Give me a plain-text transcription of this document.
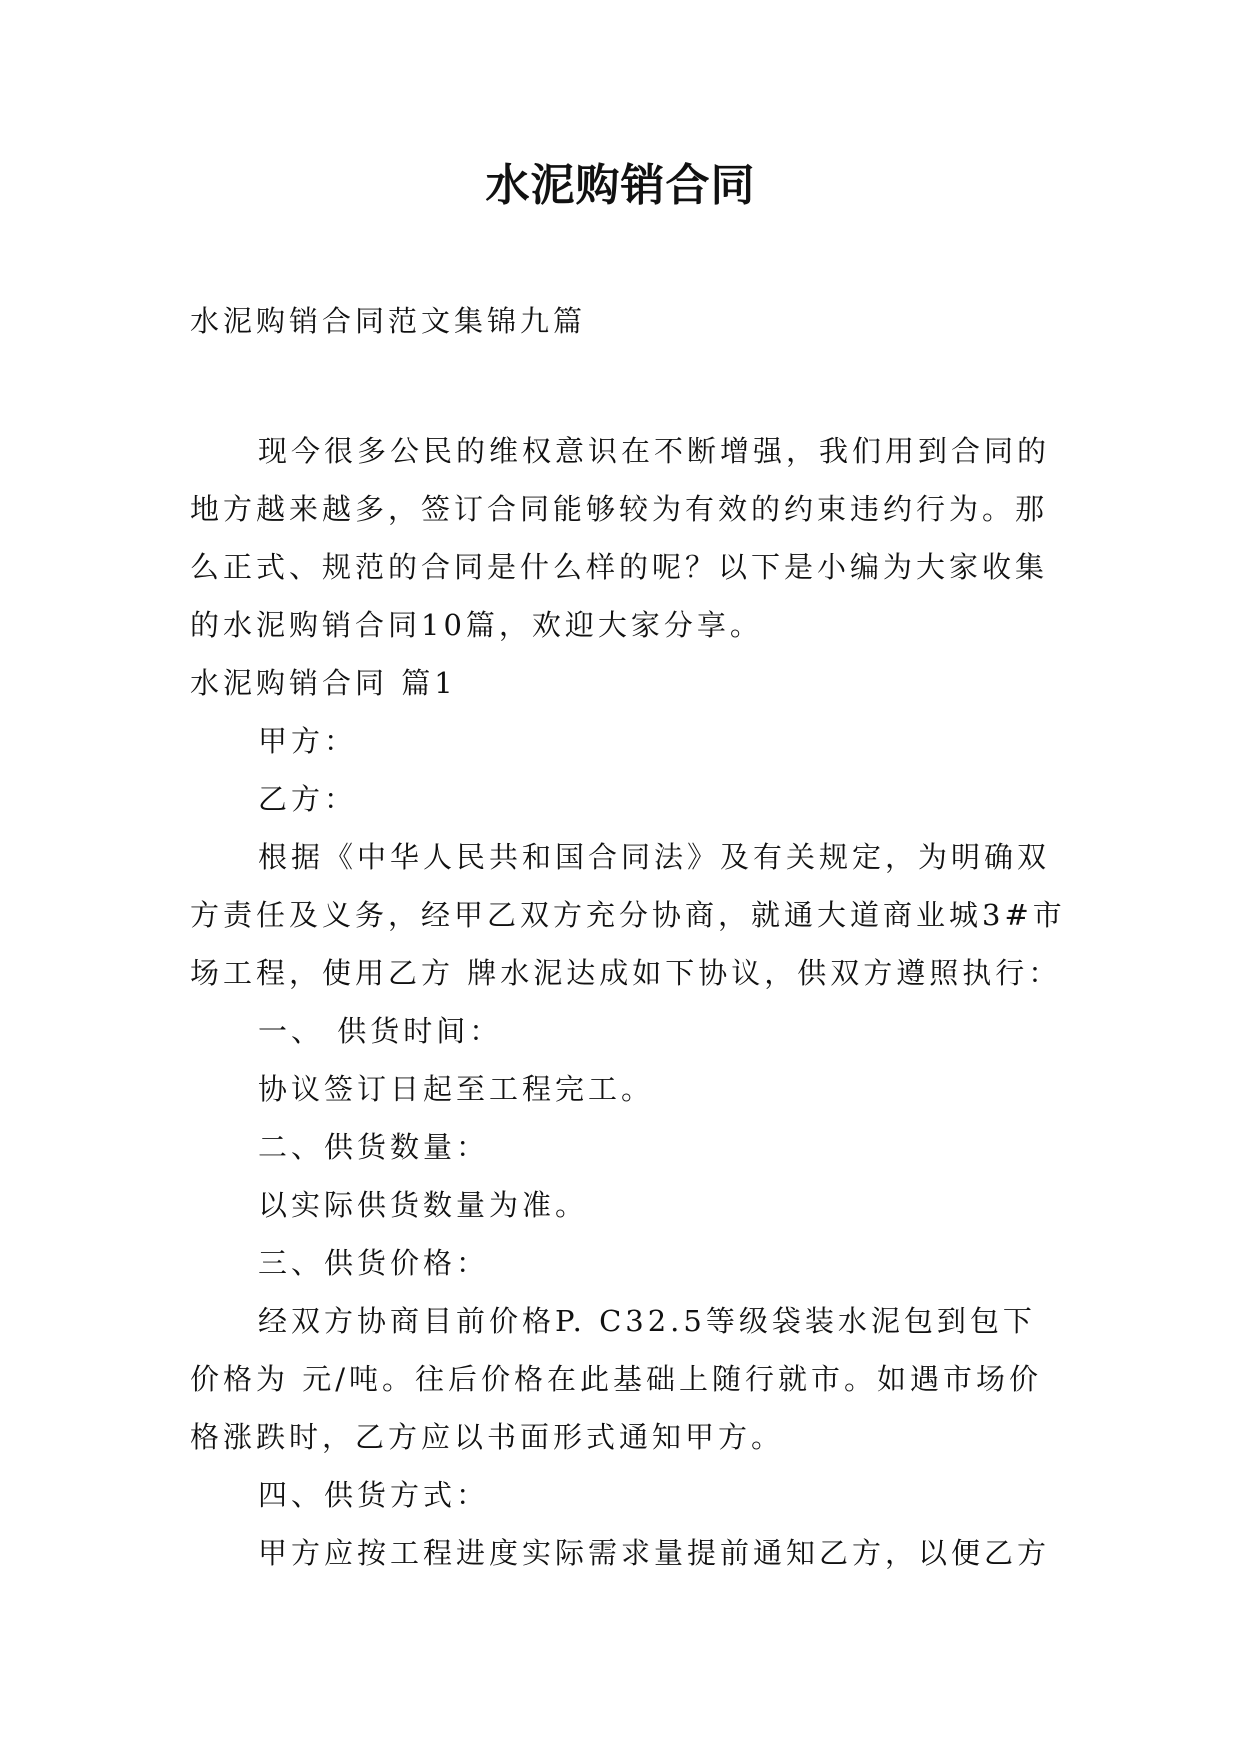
水泥购销合同
水泥购销合同范文集锦九篇
现今很多公民的维权意识在不断增强，我们用到合同的
地方越来越多，签订合同能够较为有效的约束违约行为。那
么正式、规范的合同是什么样的呢？以下是小编为大家收集
的水泥购销合同10篇，欢迎大家分享。
水泥购销合同 篇1
甲方：
乙方：
根据《中华人民共和国合同法》及有关规定，为明确双
方责任及义务，经甲乙双方充分协商，就通大道商业城3#市
场工程，使用乙方 牌水泥达成如下协议，供双方遵照执行：
一、 供货时间：
协议签订日起至工程完工。
二、供货数量：
以实际供货数量为准。
三、供货价格：
经双方协商目前价格P. C32.5等级袋装水泥包到包下
价格为 元/吨。往后价格在此基础上随行就市。如遇市场价
格涨跌时，乙方应以书面形式通知甲方。
四、供货方式：
甲方应按工程进度实际需求量提前通知乙方，以便乙方
